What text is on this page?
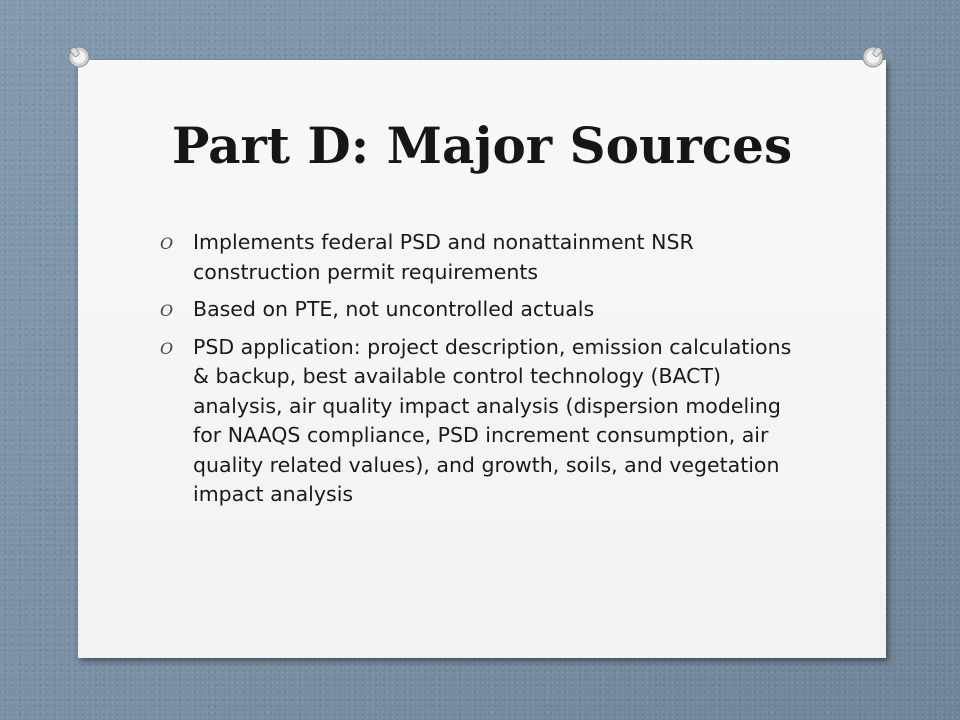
Part D: Major Sources
O Implements federal PSD and nonattainment NSR construction permit requirements
O Based on PTE, not uncontrolled actuals
O PSD application: project description, emission calculations & backup, best available control technology (BACT) analysis, air quality impact analysis (dispersion modeling for NAAQS compliance, PSD increment consumption, air quality related values), and growth, soils, and vegetation impact analysis
